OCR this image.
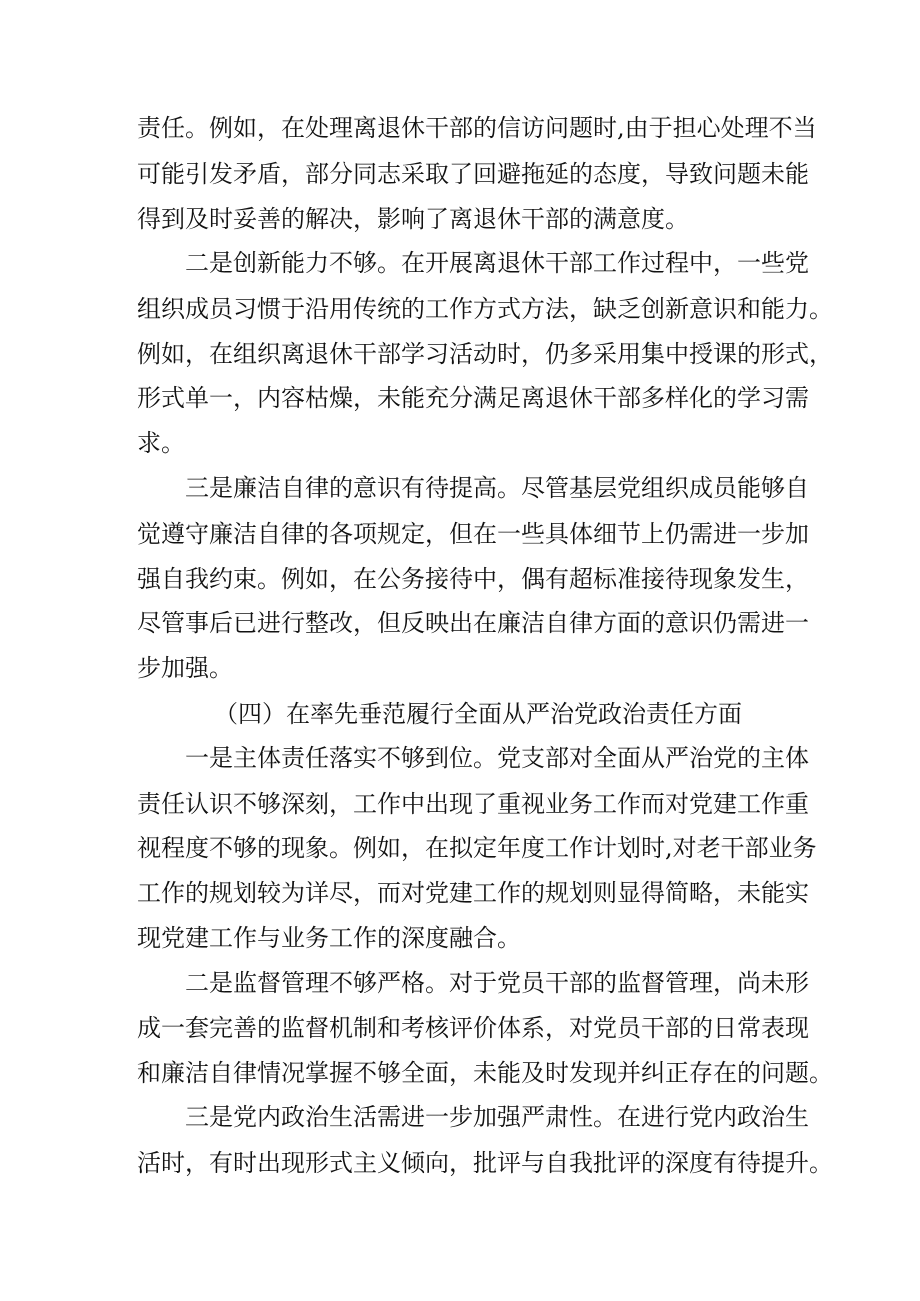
责任。例如，在处理离退休干部的信访问题时,由于担心处理不当
可能引发矛盾，部分同志采取了回避拖延的态度，导致问题未能
得到及时妥善的解决，影响了离退休干部的满意度。
二是创新能力不够。在开展离退休干部工作过程中，一些党
组织成员习惯于沿用传统的工作方式方法，缺乏创新意识和能力。
例如，在组织离退休干部学习活动时，仍多采用集中授课的形式，
形式单一，内容枯燥，未能充分满足离退休干部多样化的学习需
求。
三是廉洁自律的意识有待提高。尽管基层党组织成员能够自
觉遵守廉洁自律的各项规定，但在一些具体细节上仍需进一步加
强自我约束。例如，在公务接待中，偶有超标准接待现象发生，
尽管事后已进行整改，但反映出在廉洁自律方面的意识仍需进一
步加强。
（四）在率先垂范履行全面从严治党政治责任方面
一是主体责任落实不够到位。党支部对全面从严治党的主体
责任认识不够深刻，工作中出现了重视业务工作而对党建工作重
视程度不够的现象。例如，在拟定年度工作计划时,对老干部业务
工作的规划较为详尽，而对党建工作的规划则显得简略，未能实
现党建工作与业务工作的深度融合。
二是监督管理不够严格。对于党员干部的监督管理，尚未形
成一套完善的监督机制和考核评价体系，对党员干部的日常表现
和廉洁自律情况掌握不够全面，未能及时发现并纠正存在的问题。
三是党内政治生活需进一步加强严肃性。在进行党内政治生
活时，有时出现形式主义倾向，批评与自我批评的深度有待提升。
